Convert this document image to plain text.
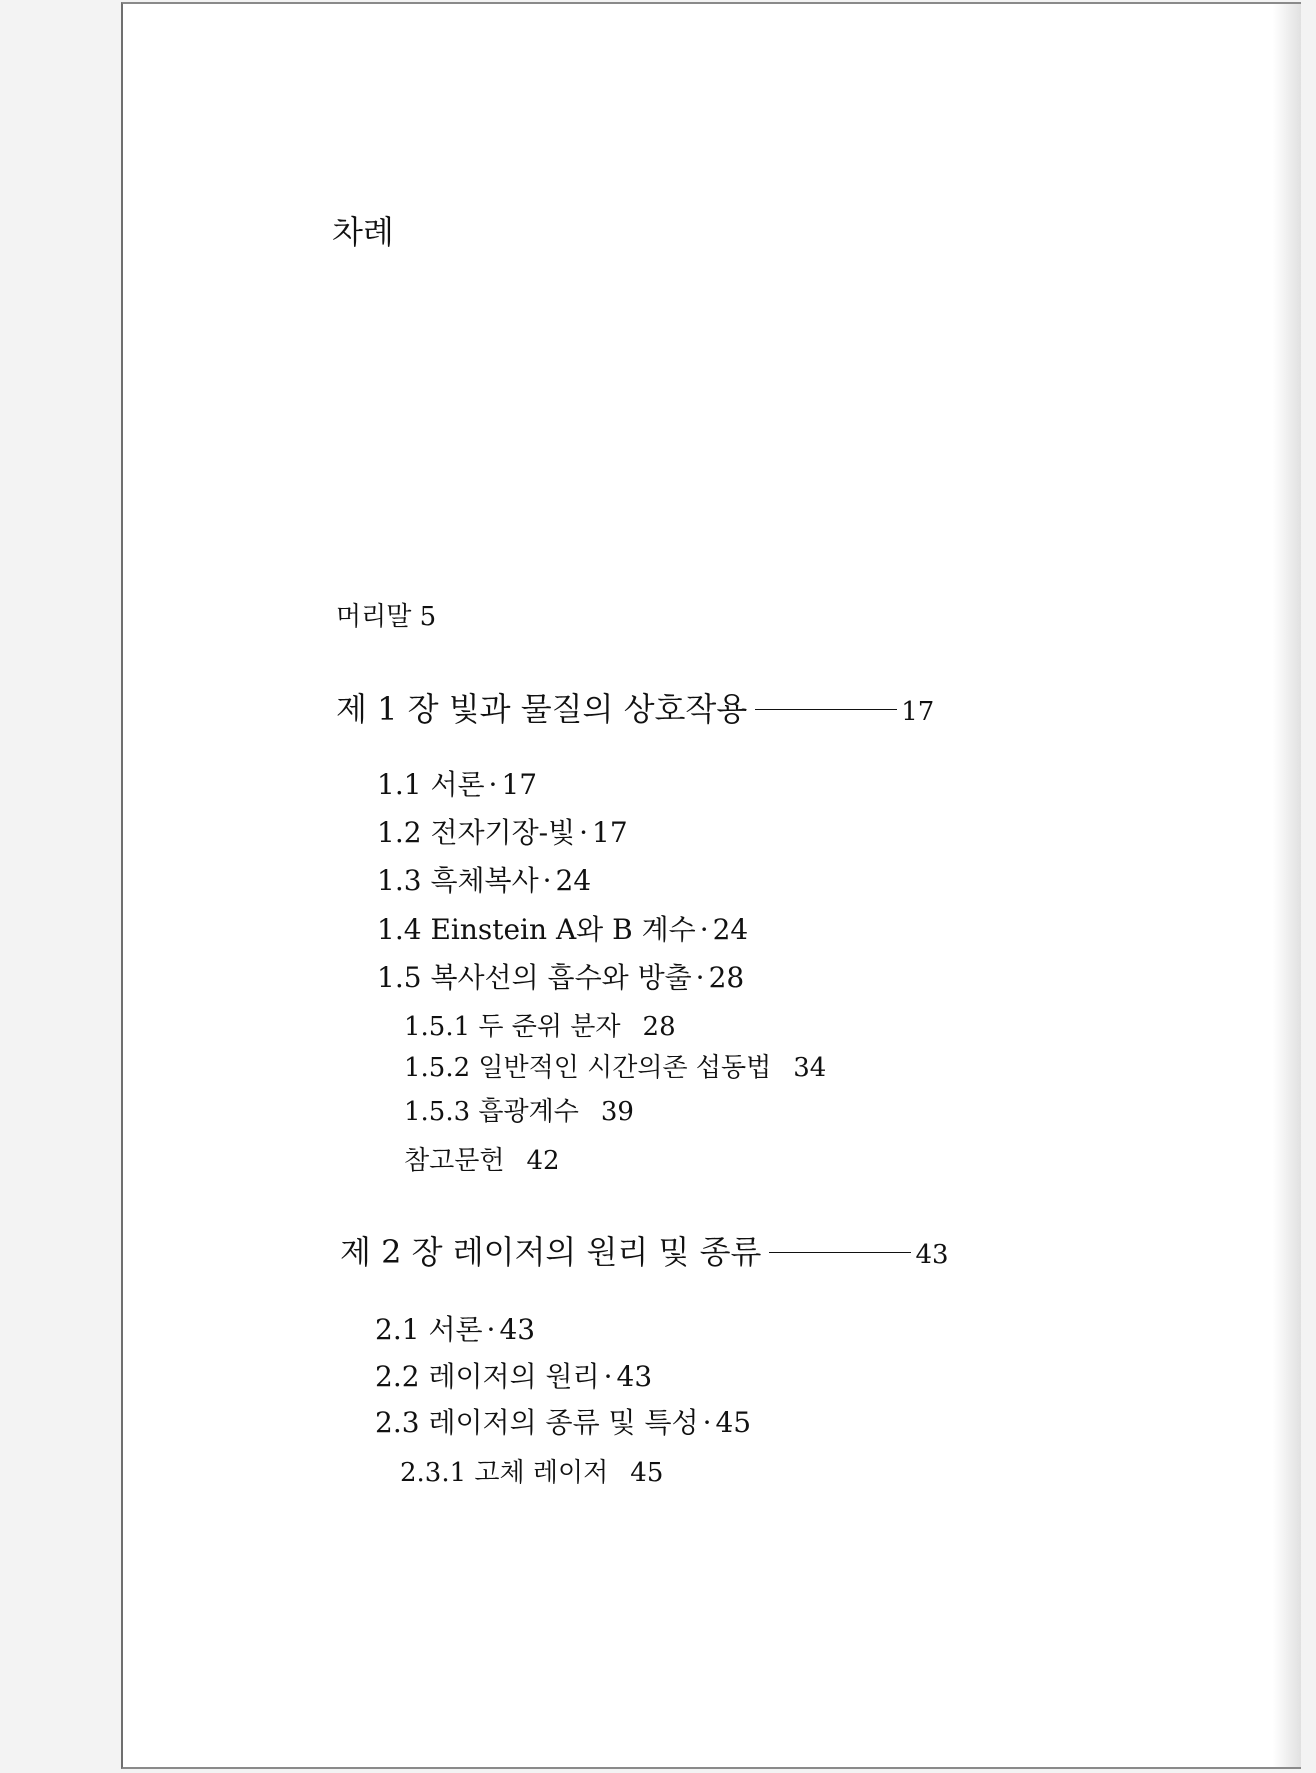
차례
머리말 5
제 1 장 빛과 물질의 상호작용	17
1.1 서론 · 17
1.2 전자기장-빛 · 17
1.3 흑체복사 · 24
1.4 Einstein A와 B 계수 · 24
1.5 복사선의 흡수와 방출 · 28
1.5.1 두 준위 분자 28
1.5.2 일반적인 시간의존 섭동법 34
1.5.3 흡광계수 39
참고문헌 42
제 2 장 레이저의 원리 및 종류	43
2.1 서론 · 43
2.2 레이저의 원리 · 43
2.3 레이저의 종류 및 특성 · 45
2.3.1 고체 레이저 45
